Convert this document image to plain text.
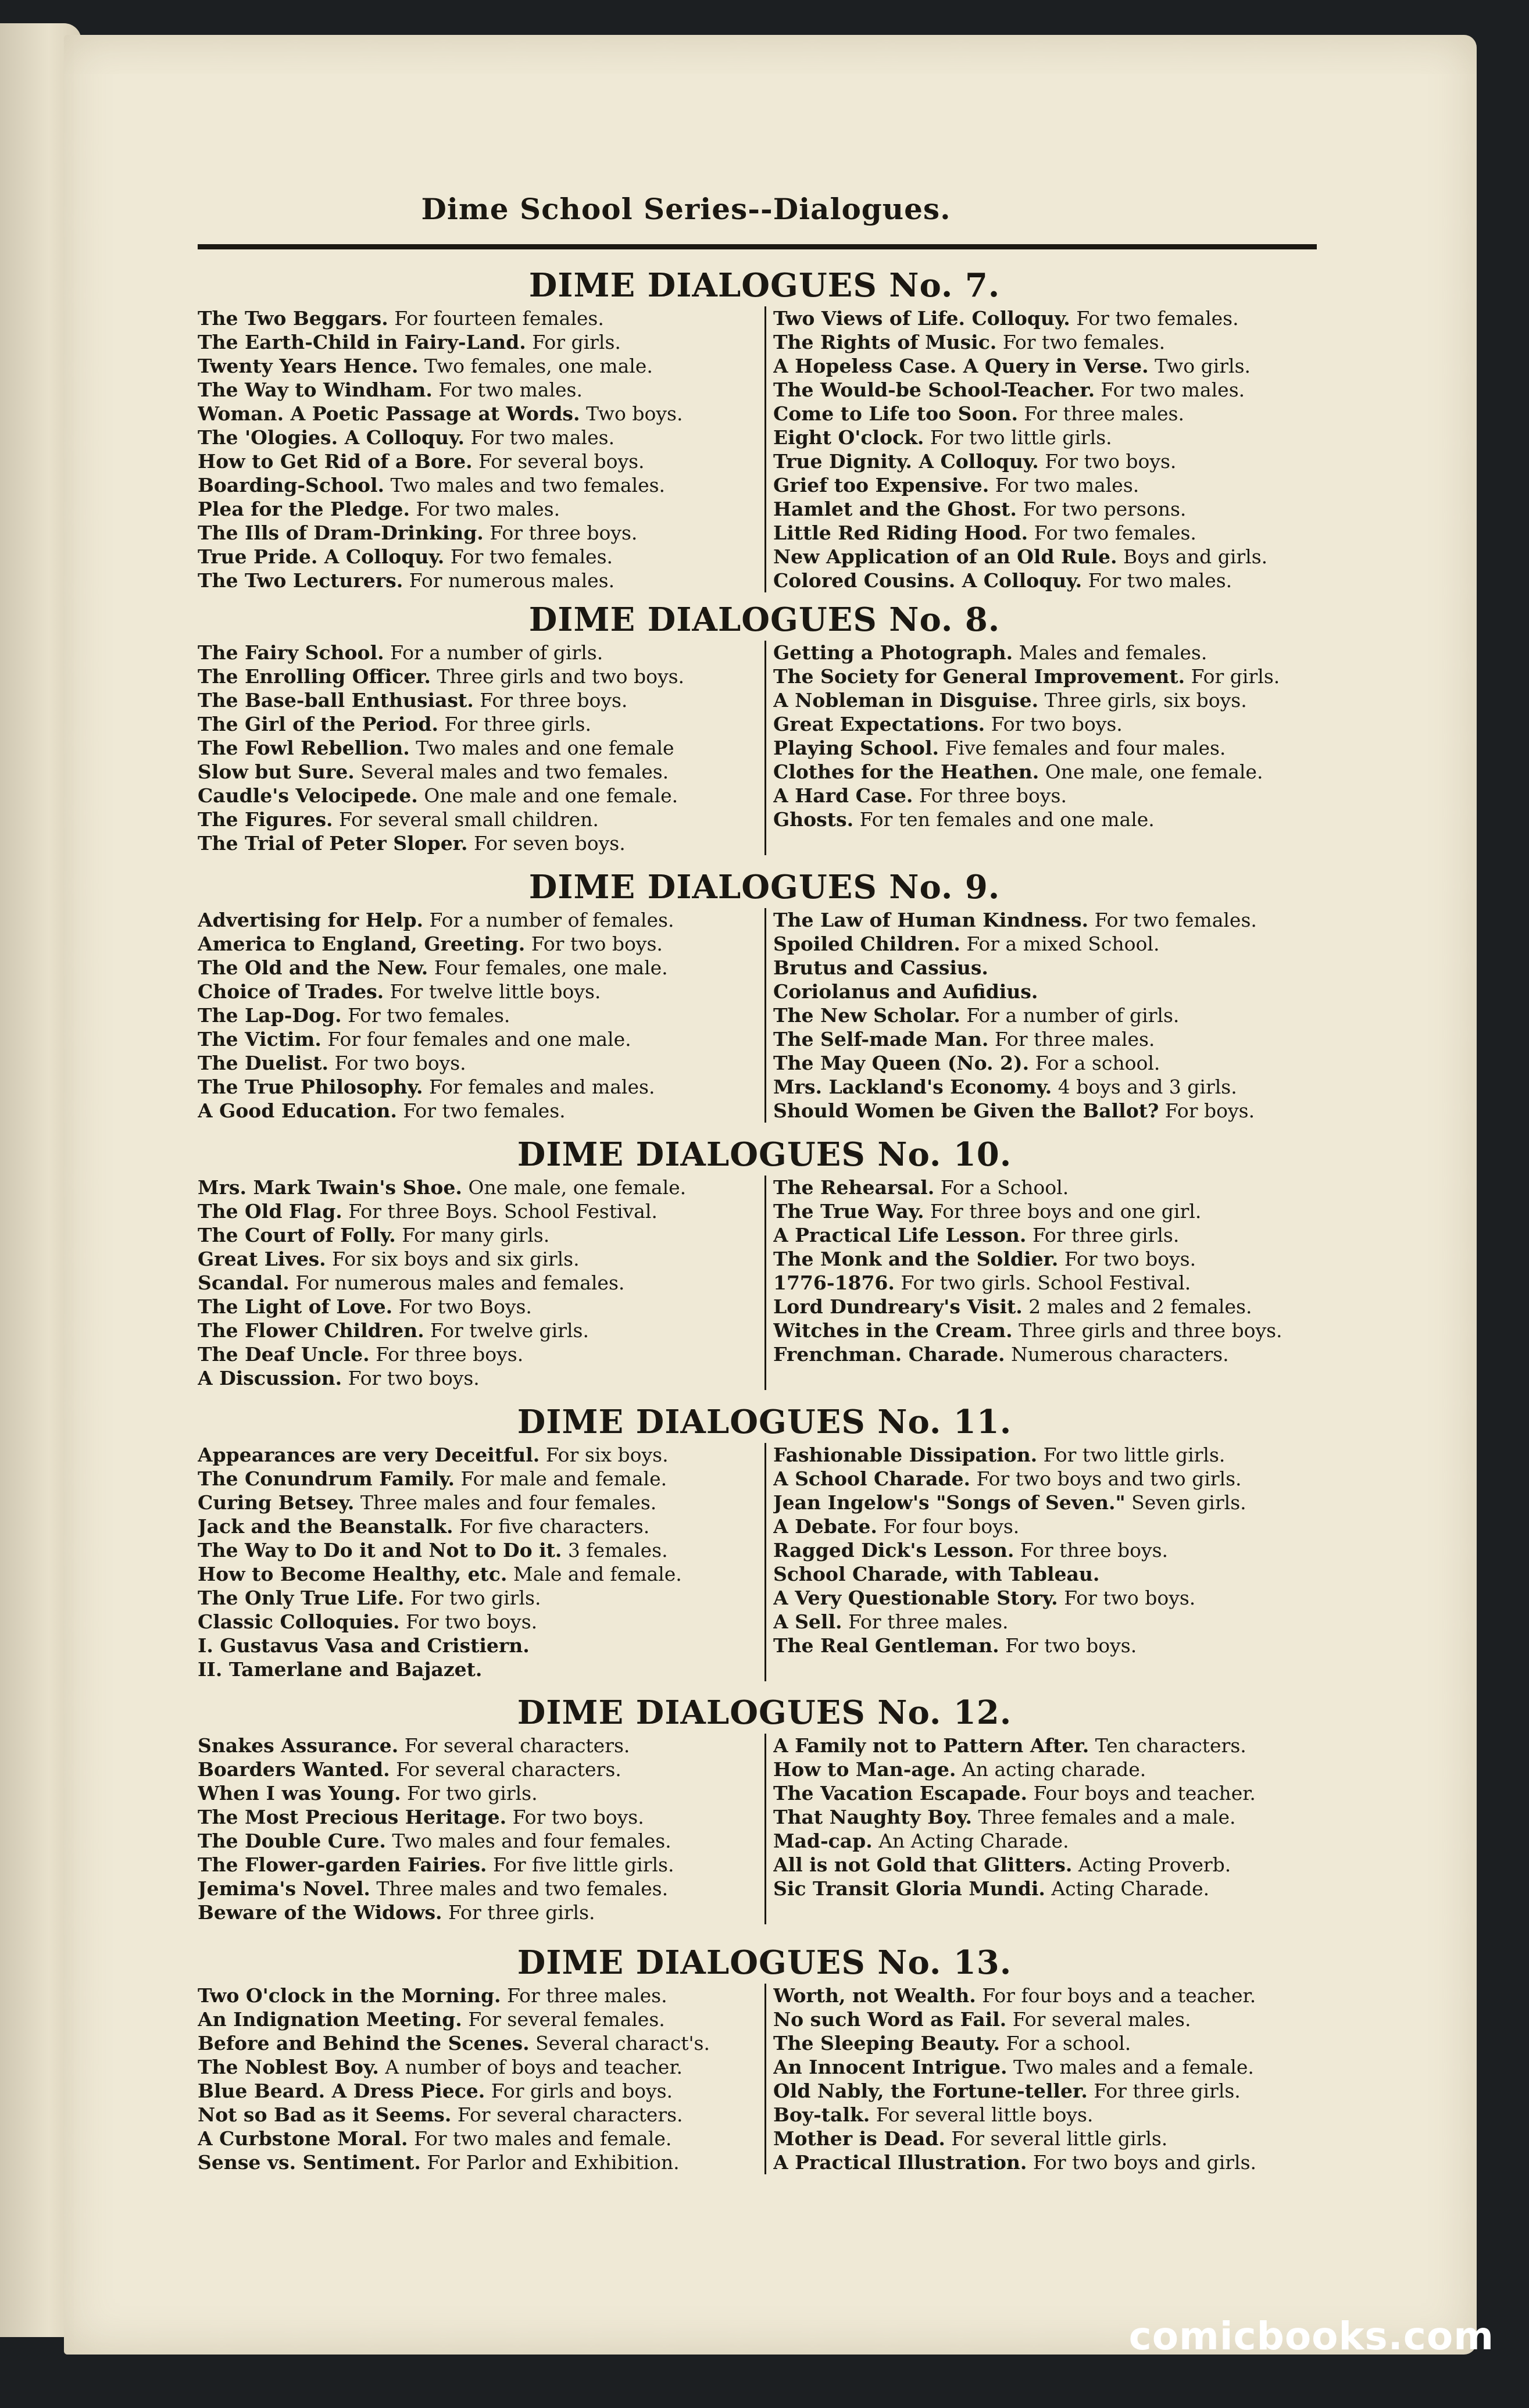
Dime School Series--Dialogues.
DIME DIALOGUES No. 7.
The Two Beggars. For fourteen females.
The Earth-Child in Fairy-Land. For girls.
Twenty Years Hence. Two females, one male.
The Way to Windham. For two males.
Woman. A Poetic Passage at Words. Two boys.
The 'Ologies. A Colloquy. For two males.
How to Get Rid of a Bore. For several boys.
Boarding-School. Two males and two females.
Plea for the Pledge. For two males.
The Ills of Dram-Drinking. For three boys.
True Pride. A Colloquy. For two females.
The Two Lecturers. For numerous males.
Two Views of Life. Colloquy. For two females.
The Rights of Music. For two females.
A Hopeless Case. A Query in Verse. Two girls.
The Would-be School-Teacher. For two males.
Come to Life too Soon. For three males.
Eight O'clock. For two little girls.
True Dignity. A Colloquy. For two boys.
Grief too Expensive. For two males.
Hamlet and the Ghost. For two persons.
Little Red Riding Hood. For two females.
New Application of an Old Rule. Boys and girls.
Colored Cousins. A Colloquy. For two males.
DIME DIALOGUES No. 8.
The Fairy School. For a number of girls.
The Enrolling Officer. Three girls and two boys.
The Base-ball Enthusiast. For three boys.
The Girl of the Period. For three girls.
The Fowl Rebellion. Two males and one female
Slow but Sure. Several males and two females.
Caudle's Velocipede. One male and one female.
The Figures. For several small children.
The Trial of Peter Sloper. For seven boys.
Getting a Photograph. Males and females.
The Society for General Improvement. For girls.
A Nobleman in Disguise. Three girls, six boys.
Great Expectations. For two boys.
Playing School. Five females and four males.
Clothes for the Heathen. One male, one female.
A Hard Case. For three boys.
Ghosts. For ten females and one male.
DIME DIALOGUES No. 9.
Advertising for Help. For a number of females.
America to England, Greeting. For two boys.
The Old and the New. Four females, one male.
Choice of Trades. For twelve little boys.
The Lap-Dog. For two females.
The Victim. For four females and one male.
The Duelist. For two boys.
The True Philosophy. For females and males.
A Good Education. For two females.
The Law of Human Kindness. For two females.
Spoiled Children. For a mixed School.
Brutus and Cassius.
Coriolanus and Aufidius.
The New Scholar. For a number of girls.
The Self-made Man. For three males.
The May Queen (No. 2). For a school.
Mrs. Lackland's Economy. 4 boys and 3 girls.
Should Women be Given the Ballot? For boys.
DIME DIALOGUES No. 10.
Mrs. Mark Twain's Shoe. One male, one female.
The Old Flag. For three Boys. School Festival.
The Court of Folly. For many girls.
Great Lives. For six boys and six girls.
Scandal. For numerous males and females.
The Light of Love. For two Boys.
The Flower Children. For twelve girls.
The Deaf Uncle. For three boys.
A Discussion. For two boys.
The Rehearsal. For a School.
The True Way. For three boys and one girl.
A Practical Life Lesson. For three girls.
The Monk and the Soldier. For two boys.
1776-1876. For two girls. School Festival.
Lord Dundreary's Visit. 2 males and 2 females.
Witches in the Cream. Three girls and three boys.
Frenchman. Charade. Numerous characters.
DIME DIALOGUES No. 11.
Appearances are very Deceitful. For six boys.
The Conundrum Family. For male and female.
Curing Betsey. Three males and four females.
Jack and the Beanstalk. For five characters.
The Way to Do it and Not to Do it. 3 females.
How to Become Healthy, etc. Male and female.
The Only True Life. For two girls.
Classic Colloquies. For two boys.
I. Gustavus Vasa and Cristiern.
II. Tamerlane and Bajazet.
Fashionable Dissipation. For two little girls.
A School Charade. For two boys and two girls.
Jean Ingelow's "Songs of Seven." Seven girls.
A Debate. For four boys.
Ragged Dick's Lesson. For three boys.
School Charade, with Tableau.
A Very Questionable Story. For two boys.
A Sell. For three males.
The Real Gentleman. For two boys.
DIME DIALOGUES No. 12.
Snakes Assurance. For several characters.
Boarders Wanted. For several characters.
When I was Young. For two girls.
The Most Precious Heritage. For two boys.
The Double Cure. Two males and four females.
The Flower-garden Fairies. For five little girls.
Jemima's Novel. Three males and two females.
Beware of the Widows. For three girls.
A Family not to Pattern After. Ten characters.
How to Man-age. An acting charade.
The Vacation Escapade. Four boys and teacher.
That Naughty Boy. Three females and a male.
Mad-cap. An Acting Charade.
All is not Gold that Glitters. Acting Proverb.
Sic Transit Gloria Mundi. Acting Charade.
DIME DIALOGUES No. 13.
Two O'clock in the Morning. For three males.
An Indignation Meeting. For several females.
Before and Behind the Scenes. Several charact's.
The Noblest Boy. A number of boys and teacher.
Blue Beard. A Dress Piece. For girls and boys.
Not so Bad as it Seems. For several characters.
A Curbstone Moral. For two males and female.
Sense vs. Sentiment. For Parlor and Exhibition.
Worth, not Wealth. For four boys and a teacher.
No such Word as Fail. For several males.
The Sleeping Beauty. For a school.
An Innocent Intrigue. Two males and a female.
Old Nably, the Fortune-teller. For three girls.
Boy-talk. For several little boys.
Mother is Dead. For several little girls.
A Practical Illustration. For two boys and girls.
comicbooks.com
